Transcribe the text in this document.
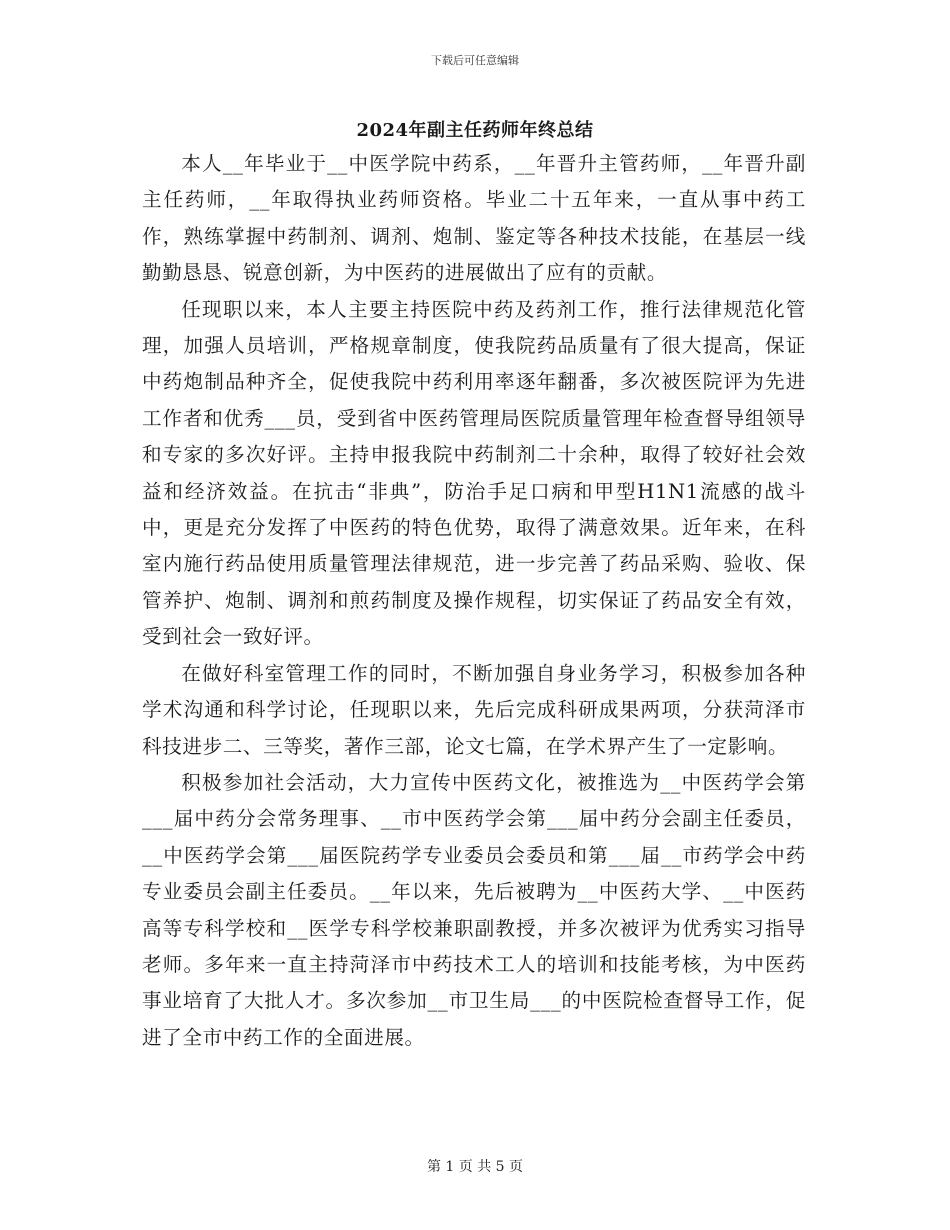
下载后可任意编辑
2024年副主任药师年终总结

本人__年毕业于__中医学院中药系，__年晋升主管药师，__年晋升副主任药师，__年取得执业药师资格。毕业二十五年来，一直从事中药工作，熟练掌握中药制剂、调剂、炮制、鉴定等各种技术技能，在基层一线勤勤恳恳、锐意创新，为中医药的进展做出了应有的贡献。

任现职以来，本人主要主持医院中药及药剂工作，推行法律规范化管理，加强人员培训，严格规章制度，使我院药品质量有了很大提高，保证中药炮制品种齐全，促使我院中药利用率逐年翻番，多次被医院评为先进工作者和优秀___员，受到省中医药管理局医院质量管理年检查督导组领导和专家的多次好评。主持申报我院中药制剂二十余种，取得了较好社会效益和经济效益。在抗击“非典”，防治手足口病和甲型H1N1流感的战斗中，更是充分发挥了中医药的特色优势，取得了满意效果。近年来，在科室内施行药品使用质量管理法律规范，进一步完善了药品采购、验收、保管养护、炮制、调剂和煎药制度及操作规程，切实保证了药品安全有效，受到社会一致好评。

在做好科室管理工作的同时，不断加强自身业务学习，积极参加各种学术沟通和科学讨论，任现职以来，先后完成科研成果两项，分获菏泽市科技进步二、三等奖，著作三部，论文七篇，在学术界产生了一定影响。

积极参加社会活动，大力宣传中医药文化，被推选为__中医药学会第___届中药分会常务理事、__市中医药学会第___届中药分会副主任委员，__中医药学会第___届医院药学专业委员会委员和第___届__市药学会中药专业委员会副主任委员。__年以来，先后被聘为__中医药大学、__中医药高等专科学校和__医学专科学校兼职副教授，并多次被评为优秀实习指导老师。多年来一直主持菏泽市中药技术工人的培训和技能考核，为中医药事业培育了大批人才。多次参加__市卫生局___的中医院检查督导工作，促进了全市中药工作的全面进展。

第 1 页 共 5 页
